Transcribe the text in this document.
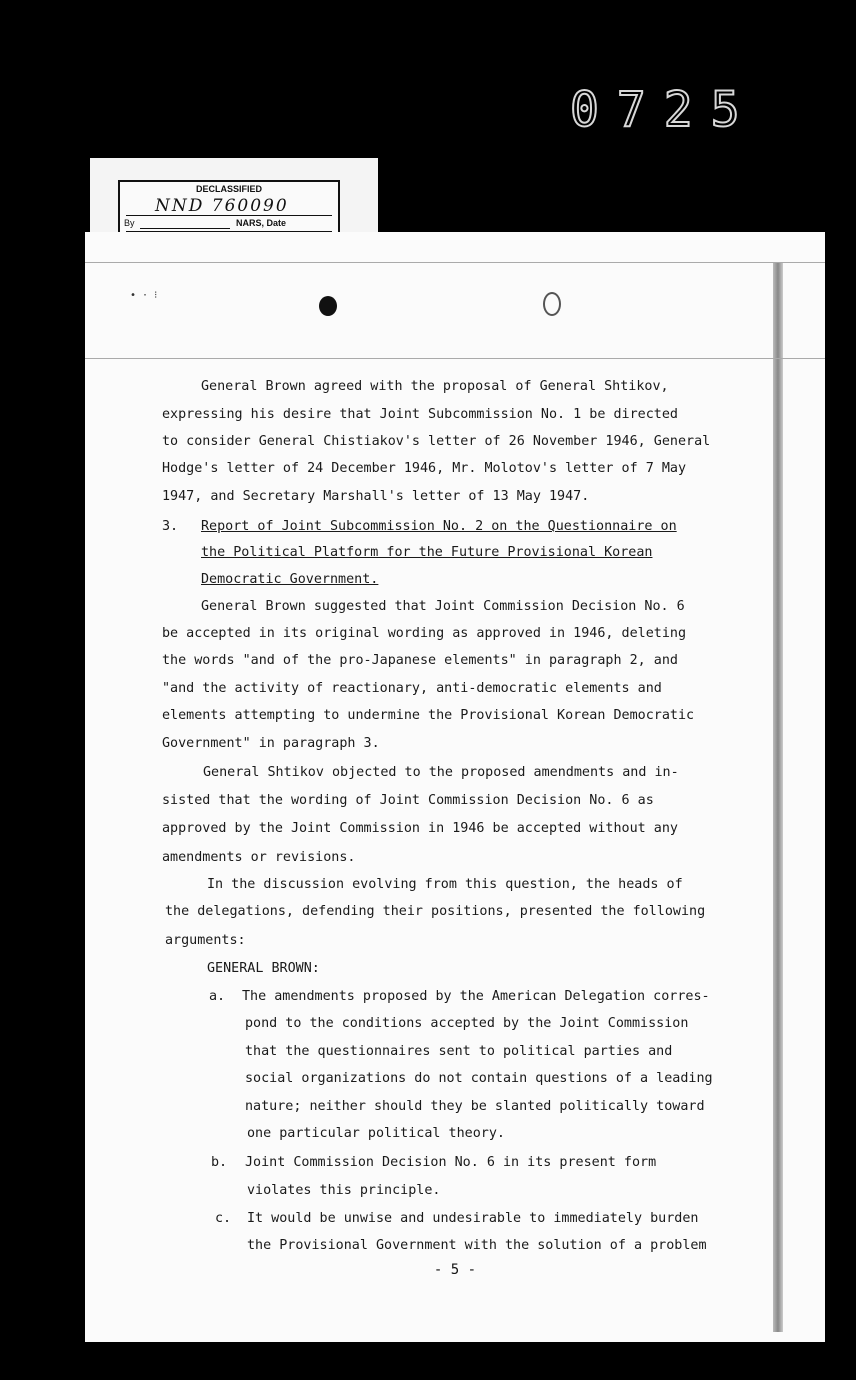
0725
DECLASSIFIED
NND 760090
By	NARS, Date
• · ⁝
General Brown agreed with the proposal of General Shtikov,
expressing his desire that Joint Subcommission No. 1 be directed
to consider General Chistiakov's letter of 26 November 1946, General
Hodge's letter of 24 December 1946, Mr. Molotov's letter of 7 May
1947, and Secretary Marshall's letter of 13 May 1947.
3. Report of Joint Subcommission No. 2 on the Questionnaire on
the Political Platform for the Future Provisional Korean
Democratic Government.
General Brown suggested that Joint Commission Decision No. 6
be accepted in its original wording as approved in 1946, deleting
the words "and of the pro-Japanese elements" in paragraph 2, and
"and the activity of reactionary, anti-democratic elements and
elements attempting to undermine the Provisional Korean Democratic
Government" in paragraph 3.
General Shtikov objected to the proposed amendments and in-
sisted that the wording of Joint Commission Decision No. 6 as
approved by the Joint Commission in 1946 be accepted without any
amendments or revisions.
In the discussion evolving from this question, the heads of
the delegations, defending their positions, presented the following
arguments:
GENERAL BROWN:
a. The amendments proposed by the American Delegation corres-
pond to the conditions accepted by the Joint Commission
that the questionnaires sent to political parties and
social organizations do not contain questions of a leading
nature; neither should they be slanted politically toward
one particular political theory.
b. Joint Commission Decision No. 6 in its present form
violates this principle.
c. It would be unwise and undesirable to immediately burden
the Provisional Government with the solution of a problem
- 5 -
